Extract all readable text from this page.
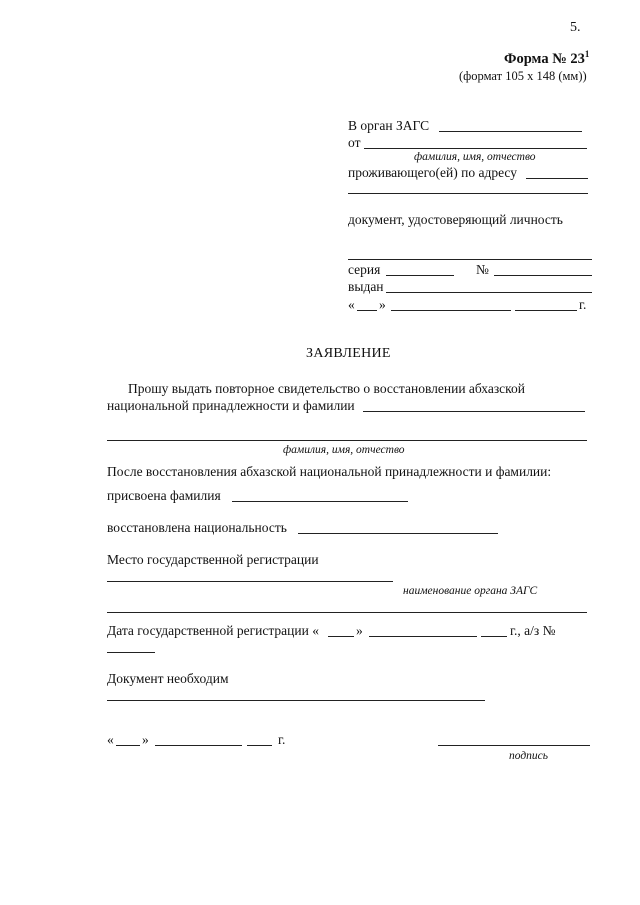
5.
Форма № $23^1$
(формат 105 х 148 (мм))
В орган ЗАГС
от
фамилия, имя, отчество
проживающего(ей) по адресу
документ, удостоверяющий личность
серия	№
выдан
« »	г.
ЗАЯВЛЕНИЕ
Прошу выдать повторное свидетельство о восстановлении абхазской
национальной принадлежности и фамилии
фамилия, имя, отчество
После восстановления абхазской национальной принадлежности и фамилии:
присвоена фамилия
восстановлена национальность
Место государственной регистрации
наименование органа ЗАГС
Дата государственной регистрации «	»	г., а/з №
Документ необходим
« »	г.
подпись
